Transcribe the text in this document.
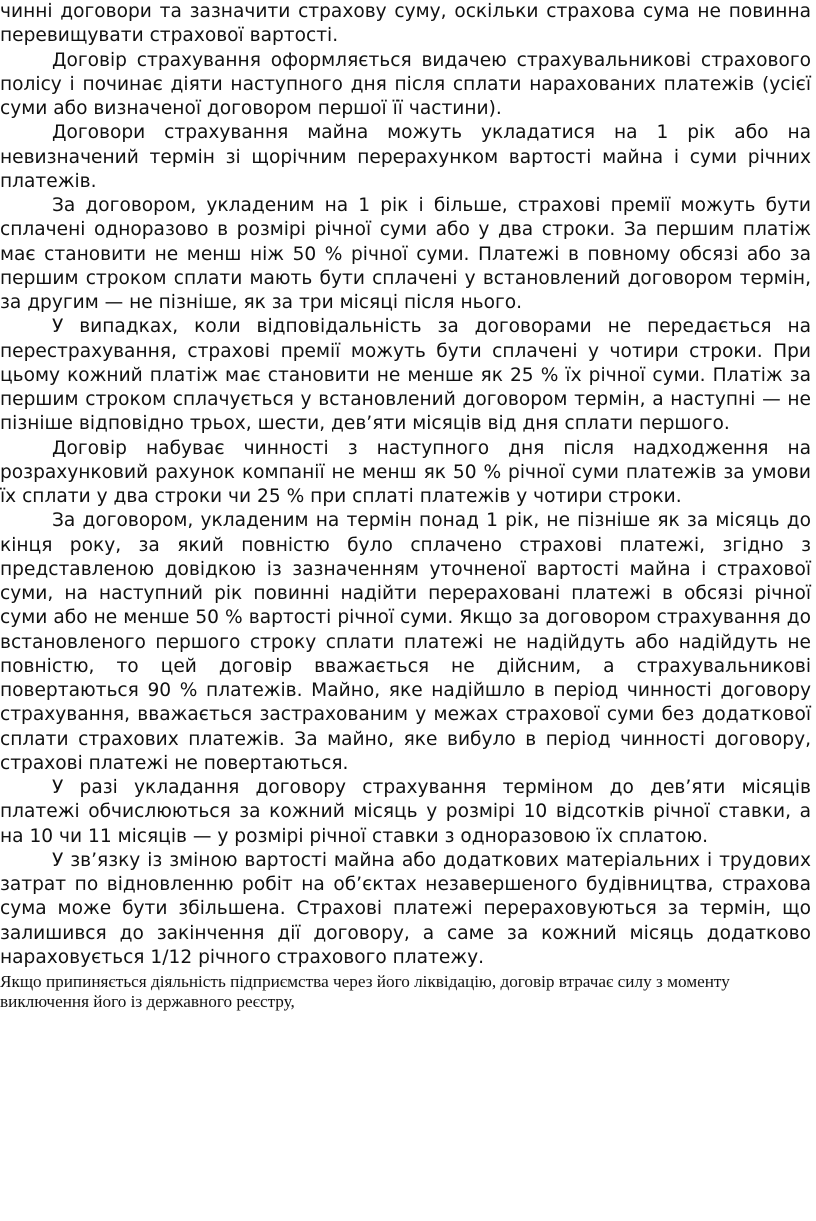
чинні договори та зазначити страхову суму, оскільки страхова сума не повинна перевищувати страхової вартості.

Договір страхування оформляється видачею страхувальникові страхового полісу і починає діяти наступного дня після сплати нарахованих платежів (усієї суми або визначеної договором першої її частини).

Договори страхування майна можуть укладатися на 1 рік або на невизначений термін зі щорічним перерахунком вартості майна і суми річних платежів.

За договором, укладеним на 1 рік і більше, страхові премії можуть бути сплачені одноразово в розмірі річної суми або у два строки. За першим платіж має становити не менш ніж 50 % річної суми. Платежі в повному обсязі або за першим строком сплати мають бути сплачені у встановлений договором термін, за другим — не пізніше, як за три місяці після нього.

У випадках, коли відповідальність за договорами не передається на перестрахування, страхові премії можуть бути сплачені у чотири строки. При цьому кожний платіж має становити не менше як 25 % їх річної суми. Платіж за першим строком сплачується у встановлений договором термін, а наступні — не пізніше відповідно трьох, шести, дев’яти місяців від дня сплати першого.

Договір набуває чинності з наступного дня після надходження на розрахунковий рахунок компанії не менш як 50 % річної суми платежів за умови їх сплати у два строки чи 25 % при сплаті платежів у чотири строки.

За договором, укладеним на термін понад 1 рік, не пізніше як за місяць до кінця року, за який повністю було сплачено страхові платежі, згідно з представленою довідкою із зазначенням уточненої вартості майна і страхової суми, на наступний рік повинні надійти перераховані платежі в обсязі річної суми або не менше 50 % вартості річної суми. Якщо за договором страхування до встановленого першого строку сплати платежі не надійдуть або надійдуть не повністю, то цей договір вважається не дійсним, а страхувальникові повертаються 90 % платежів. Майно, яке надійшло в період чинності договору страхування, вважається застрахованим у межах страхової суми без додаткової сплати страхових платежів. За майно, яке вибуло в період чинності договору, страхові платежі не повертаються.

У разі укладання договору страхування терміном до дев’яти місяців платежі обчислюються за кожний місяць у розмірі 10 відсотків річної ставки, а на 10 чи 11 місяців — у розмірі річної ставки з одноразовою їх сплатою.

У зв’язку із зміною вартості майна або додаткових матеріальних і трудових затрат по відновленню робіт на об’єктах незавершеного будівництва, страхова сума може бути збільшена. Страхові платежі перераховуються за термін, що залишився до закінчення дії договору, а саме за кожний місяць додатково нараховується 1/12 річного страхового платежу.

Якщо припиняється діяльність підприємства через його ліквідацію, договір втрачає силу з моменту виключення його із державного реєстру,
